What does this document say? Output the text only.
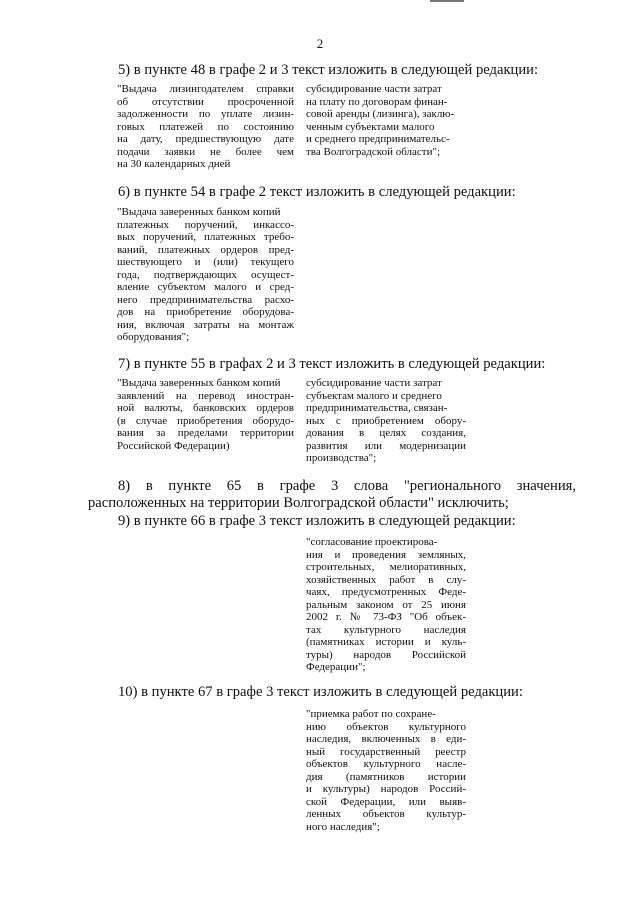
2
5) в пункте 48 в графе 2 и 3 текст изложить в следующей редакции:
"Выдача лизингодателем справки
об отсутствии просроченной
задолженности по уплате лизин-
говых платежей по состоянию
на дату, предшествующую дате
подачи заявки не более чем
на 30 календарных дней
субсидирование части затрат
на плату по договорам финан-
совой аренды (лизинга), заклю-
ченным субъектами малого
и среднего предпринимательс-
тва Волгоградской области";
6) в пункте 54 в графе 2 текст изложить в следующей редакции:
"Выдача заверенных банком копий
платежных поручений, инкассо-
вых поручений, платежных требо-
ваний, платежных ордеров пред-
шествующего и (или) текущего
года, подтверждающих осущест-
вление субъектом малого и сред-
него предпринимательства расхо-
дов на приобретение оборудова-
ния, включая затраты на монтаж
оборудования";
7) в пункте 55 в графах 2 и 3 текст изложить в следующей редакции:
"Выдача заверенных банком копий
заявлений на перевод иностран-
ной валюты, банковских ордеров
(в случае приобретения оборудо-
вания за пределами территории
Российской Федерации)
субсидирование части затрат
субъектам малого и среднего
предпринимательства, связан-
ных с приобретением обору-
дования в целях создания,
развития или модернизации
производства";
8) в пункте 65 в графе 3 слова "регионального значения,
расположенных на территории Волгоградской области" исключить;
9) в пункте 66 в графе 3 текст изложить в следующей редакции:
"согласование проектирова-
ния и проведения земляных,
строительных, мелиоративных,
хозяйственных работ в слу-
чаях, предусмотренных Феде-
ральным законом от 25 июня
2002 г. № 73-ФЗ "Об объек-
тах культурного наследия
(памятниках истории и куль-
туры) народов Российской
Федерации";
10) в пункте 67 в графе 3 текст изложить в следующей редакции:
"приемка работ по сохране-
нию объектов культурного
наследия, включенных в еди-
ный государственный реестр
объектов культурного насле-
дия (памятников истории
и культуры) народов Россий-
ской Федерации, или выяв-
ленных объектов культур-
ного наследия";
